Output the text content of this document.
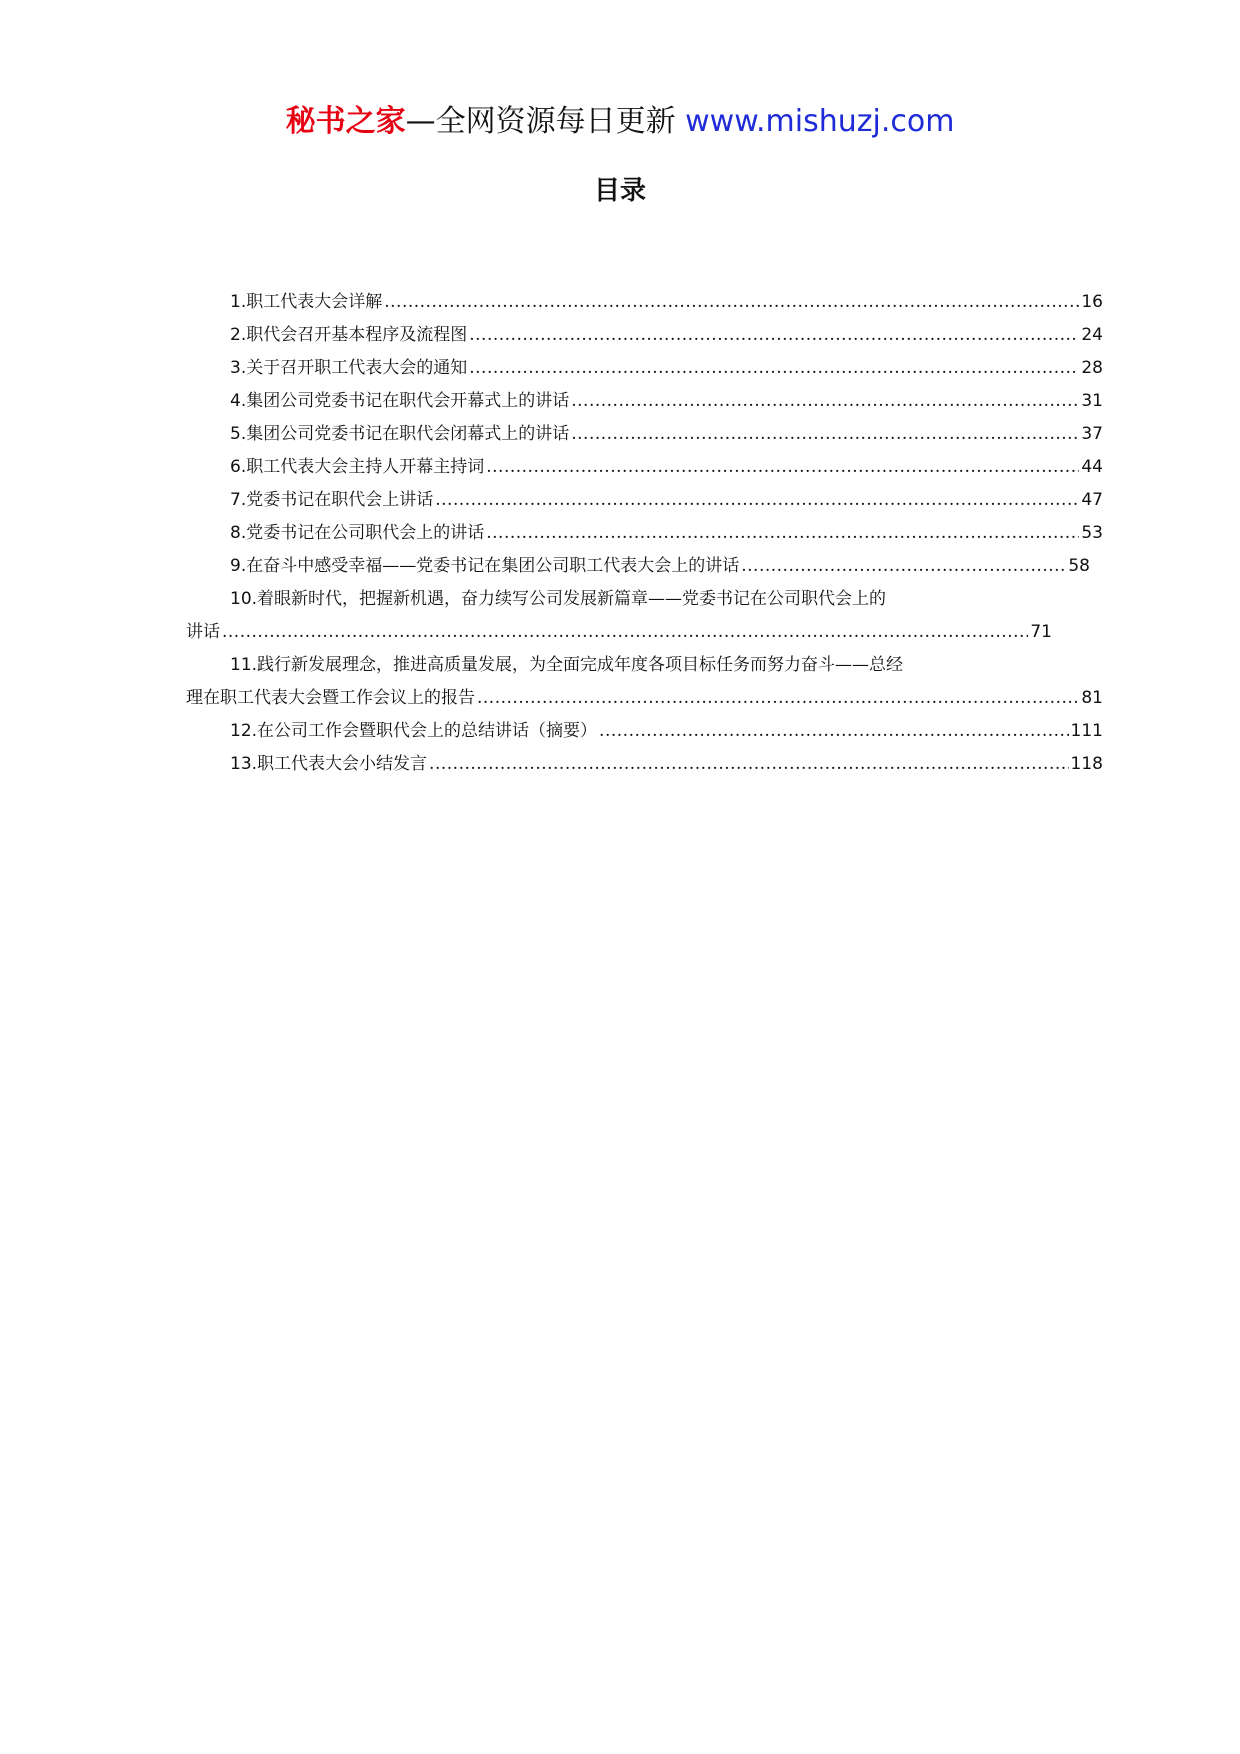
秘书之家—全网资源每日更新 www.mishuzj.com
目录
1.职工代表大会详解 .....	16
2.职代会召开基本程序及流程图 .....	24
3.关于召开职工代表大会的通知 .....	28
4.集团公司党委书记在职代会开幕式上的讲话 .....	31
5.集团公司党委书记在职代会闭幕式上的讲话 .....	37
6.职工代表大会主持人开幕主持词 .....	44
7.党委书记在职代会上讲话 .....	47
8.党委书记在公司职代会上的讲话 .....	53
9.在奋斗中感受幸福——党委书记在集团公司职工代表大会上的讲话 .....	58
10.着眼新时代，把握新机遇，奋力续写公司发展新篇章——党委书记在公司职代会上的
讲话 .....	71
11.践行新发展理念，推进高质量发展，为全面完成年度各项目标任务而努力奋斗——总经
理在职工代表大会暨工作会议上的报告 .....	81
12.在公司工作会暨职代会上的总结讲话（摘要） .....	111
13.职工代表大会小结发言 .....	118
